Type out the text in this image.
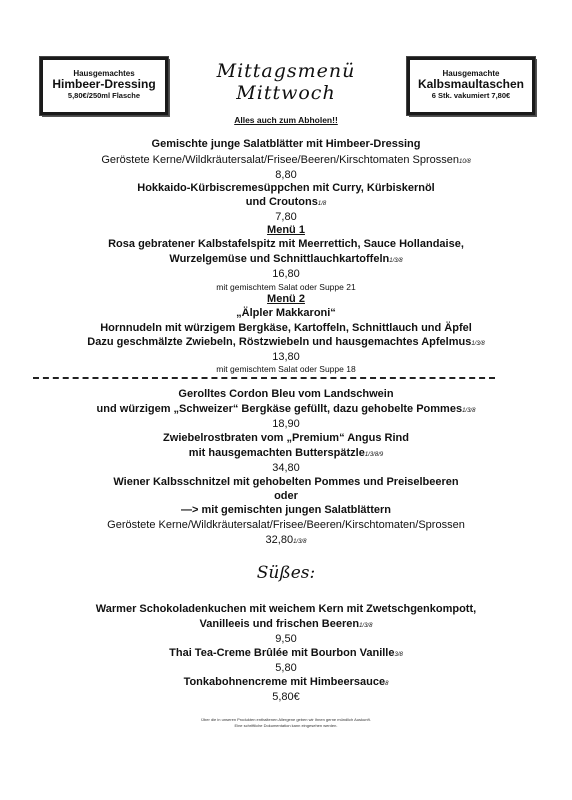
Hausgemachtes
Himbeer-Dressing
5,80€/250ml Flasche
Mittagsmenü Mittwoch
Hausgemachte
Kalbsmaultaschen
6 Stk. vakumiert 7,80€
Alles auch zum Abholen!!
Gemischte junge Salatblätter mit Himbeer-Dressing
Geröstete Kerne/Wildkräutersalat/Frisee/Beeren/Kirschtomaten Sprossen10/8
8,80
Hokkaido-Kürbiscremesüppchen mit Curry, Kürbiskernöl
und Croutons1/8
7,80
Menü 1
Rosa gebratener Kalbstafelspitz mit Meerrettich, Sauce Hollandaise,
Wurzelgemüse und Schnittlauchkartoffeln1/3/8
16,80
mit gemischtem Salat oder Suppe 21
Menü 2
„Älpler Makkaroni“
Hornnudeln mit würzigem Bergkäse, Kartoffeln, Schnittlauch und Äpfel
Dazu geschmälzte Zwiebeln, Röstzwiebeln und hausgemachtes Apfelmus1/3/8
13,80
mit gemischtem Salat oder Suppe 18
Gerolltes Cordon Bleu vom Landschwein
und würzigem „Schweizer“ Bergkäse gefüllt, dazu gehobelte Pommes1/3/8
18,90
Zwiebelrostbraten vom „Premium“ Angus Rind
mit hausgemachten Butterspätzle1/3/8/9
34,80
Wiener Kalbsschnitzel mit gehobelten Pommes und Preiselbeeren
oder
—> mit gemischten jungen Salatblättern
Geröstete Kerne/Wildkräutersalat/Frisee/Beeren/Kirschtomaten/Sprossen
32,801/3/8
Süßes:
Warmer Schokoladenkuchen mit weichem Kern mit Zwetschgenkompott,
Vanilleeis und frischen Beeren1/3/8
9,50
Thai Tea-Creme Brûlée mit Bourbon Vanille3/8
5,80
Tonkabohnencreme mit Himbeersauce8
5,80€
Über die in unseren Produkten enthaltenen Allergene geben wir Ihnen gerne mündlich Auskunft.
Eine schriftliche Dokumentation kann eingesehen werden.
